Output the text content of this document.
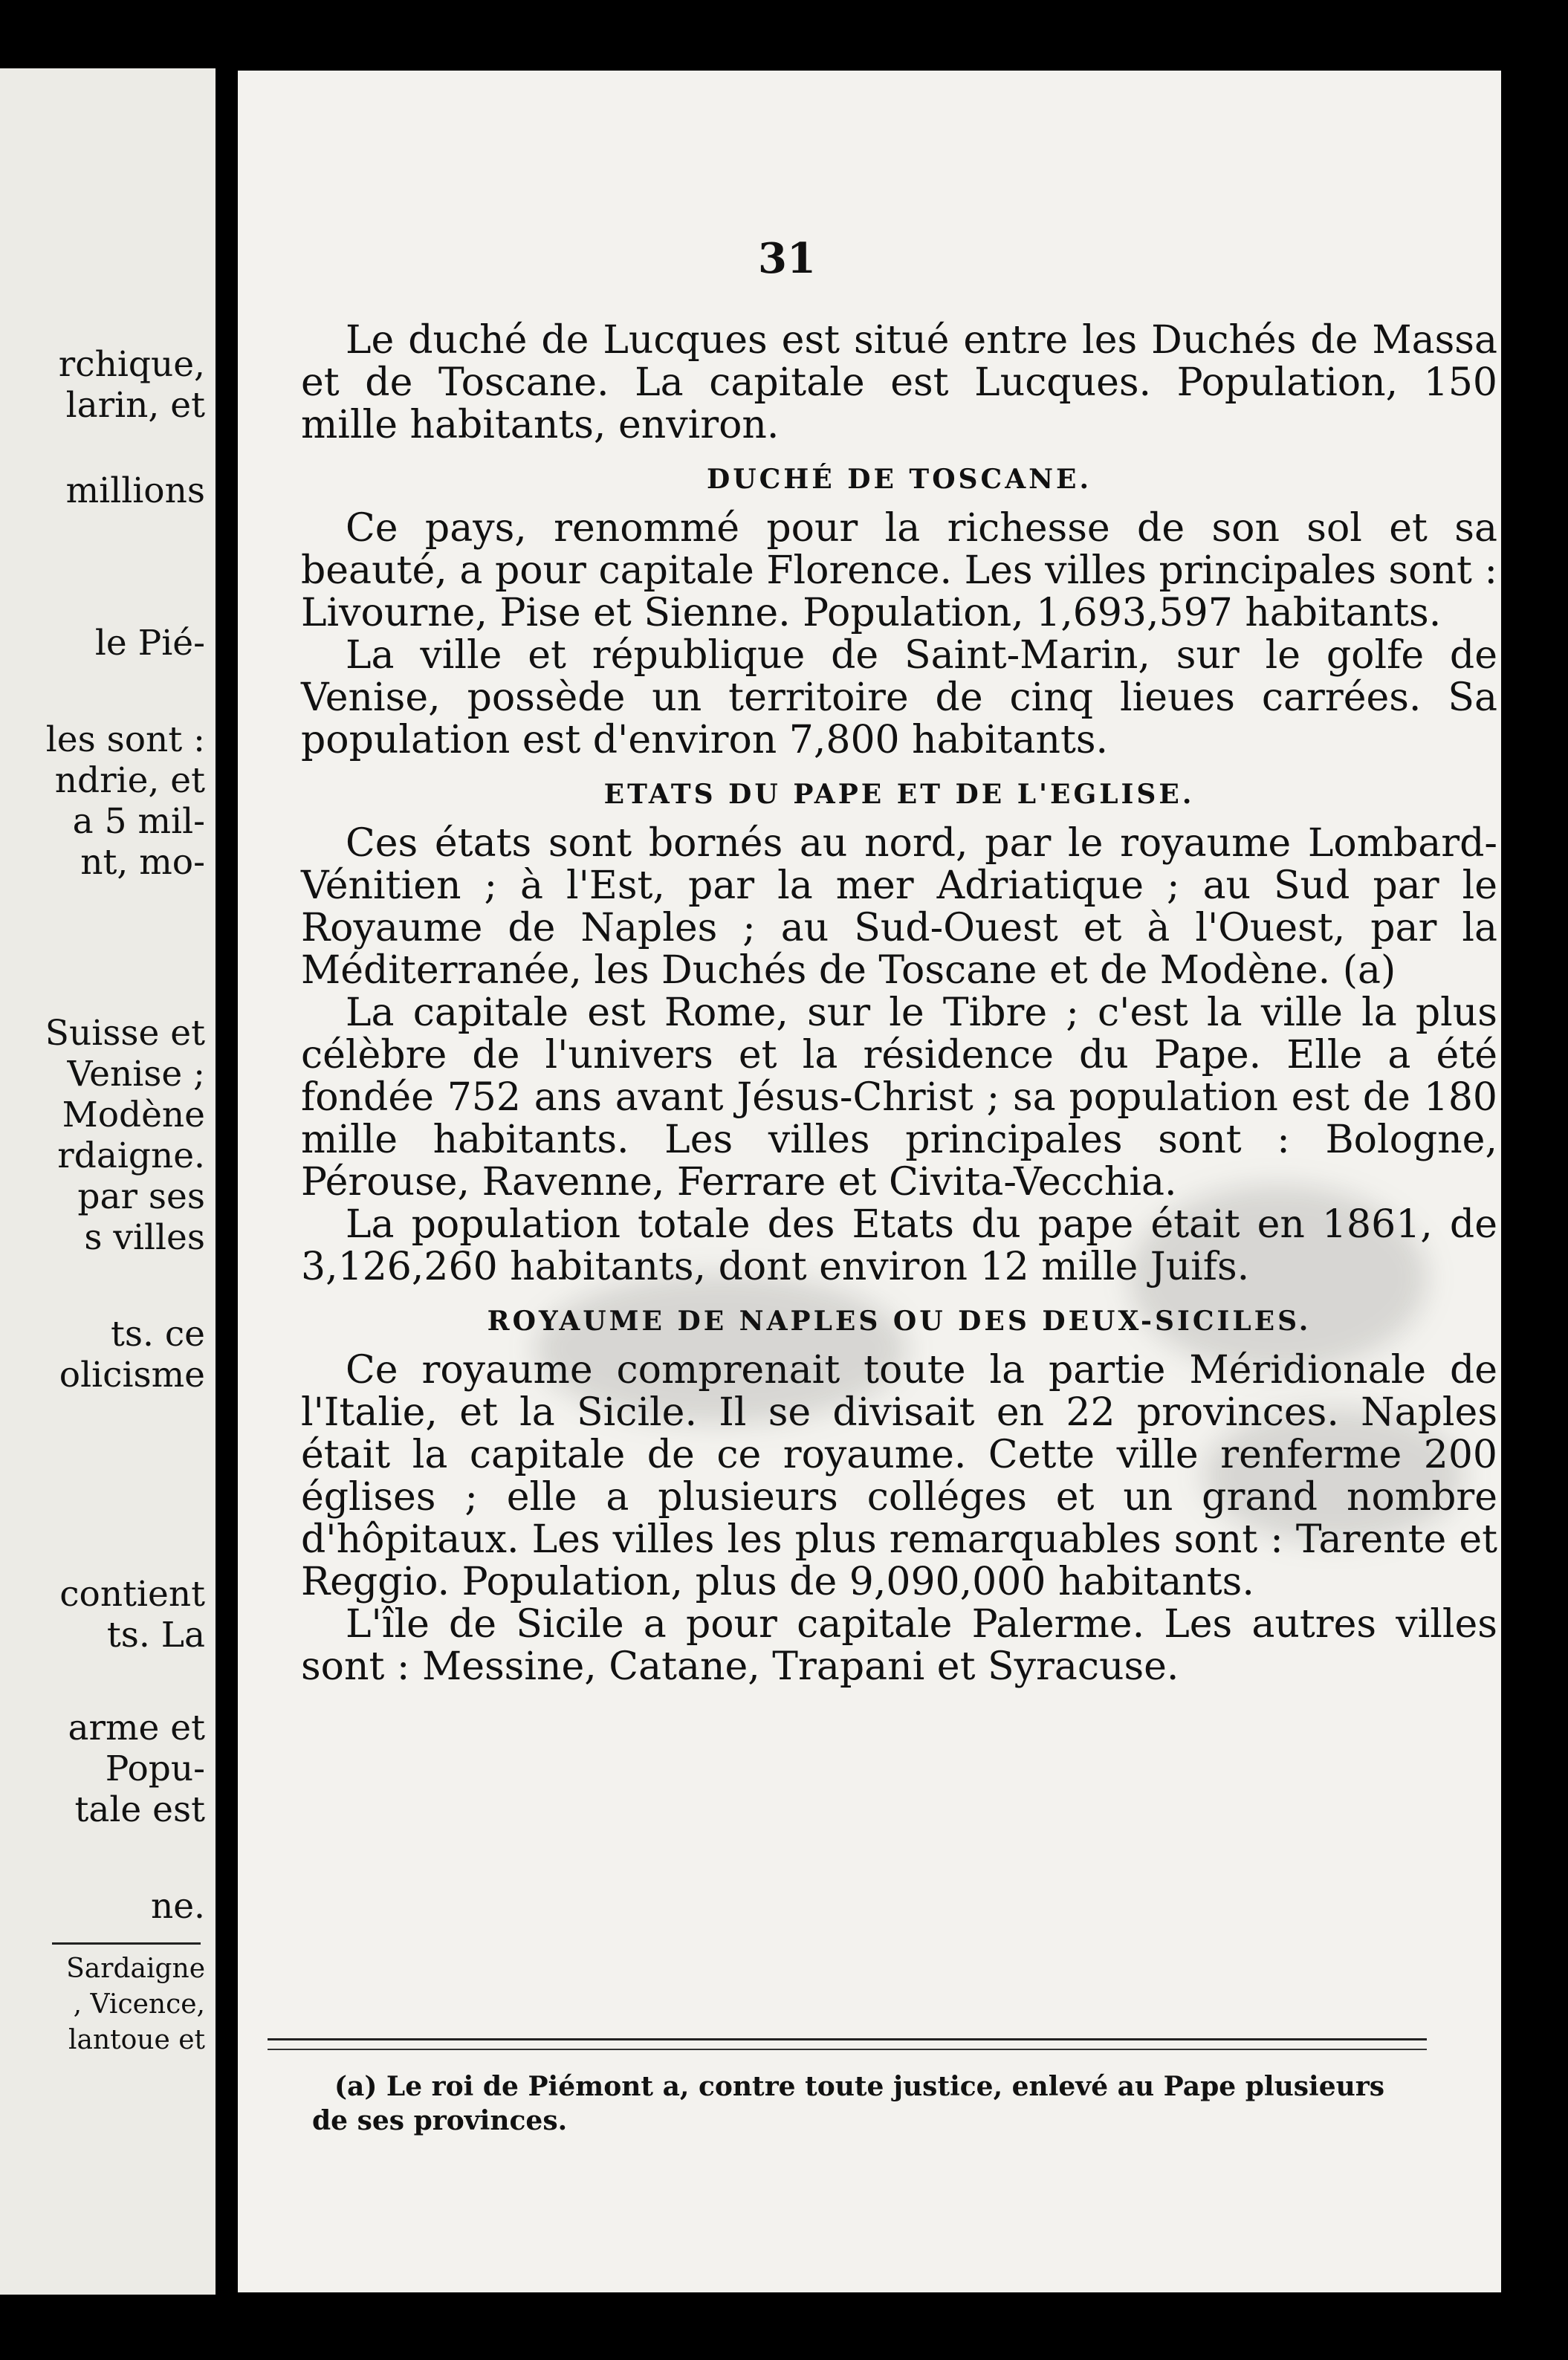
rchique,
larin, et
millions
le Pié-
les sont :
ndrie, et
a 5 mil-
nt, mo-
Suisse et
Venise ;
Modène
rdaigne.
par ses
s villes
ts. ce
olicisme
contient
ts. La
arme et
Popu-
tale est
ne.
Sardaigne
, Vicence,
lantoue et
31

Le duché de Lucques est situé entre les Duchés de Massa et de Toscane. La capitale est Lucques. Population, 150 mille habitants, environ.

DUCHÉ DE TOSCANE.

Ce pays, renommé pour la richesse de son sol et sa beauté, a pour capitale Florence. Les villes principales sont : Livourne, Pise et Sienne. Population, 1,693,597 habitants.

La ville et république de Saint-Marin, sur le golfe de Venise, possède un territoire de cinq lieues carrées. Sa population est d'environ 7,800 habitants.

ETATS DU PAPE ET DE L'EGLISE.

Ces états sont bornés au nord, par le royaume Lombard-Vénitien ; à l'Est, par la mer Adriatique ; au Sud par le Royaume de Naples ; au Sud-Ouest et à l'Ouest, par la Méditerranée, les Duchés de Toscane et de Modène. (a)

La capitale est Rome, sur le Tibre ; c'est la ville la plus célèbre de l'univers et la résidence du Pape. Elle a été fondée 752 ans avant Jésus-Christ ; sa population est de 180 mille habitants. Les villes principales sont : Bologne, Pérouse, Ravenne, Ferrare et Civita-Vecchia.

La population totale des Etats du pape était en 1861, de 3,126,260 habitants, dont environ 12 mille Juifs.

ROYAUME DE NAPLES OU DES DEUX-SICILES.

Ce royaume comprenait toute la partie Méridionale de l'Italie, et la Sicile. Il se divisait en 22 provinces. Naples était la capitale de ce royaume. Cette ville renferme 200 églises ; elle a plusieurs colléges et un grand nombre d'hôpitaux. Les villes les plus remarquables sont : Tarente et Reggio. Population, plus de 9,090,000 habitants.

L'île de Sicile a pour capitale Palerme. Les autres villes sont : Messine, Catane, Trapani et Syracuse.

(a) Le roi de Piémont a, contre toute justice, enlevé au Pape plusieurs de ses provinces.
